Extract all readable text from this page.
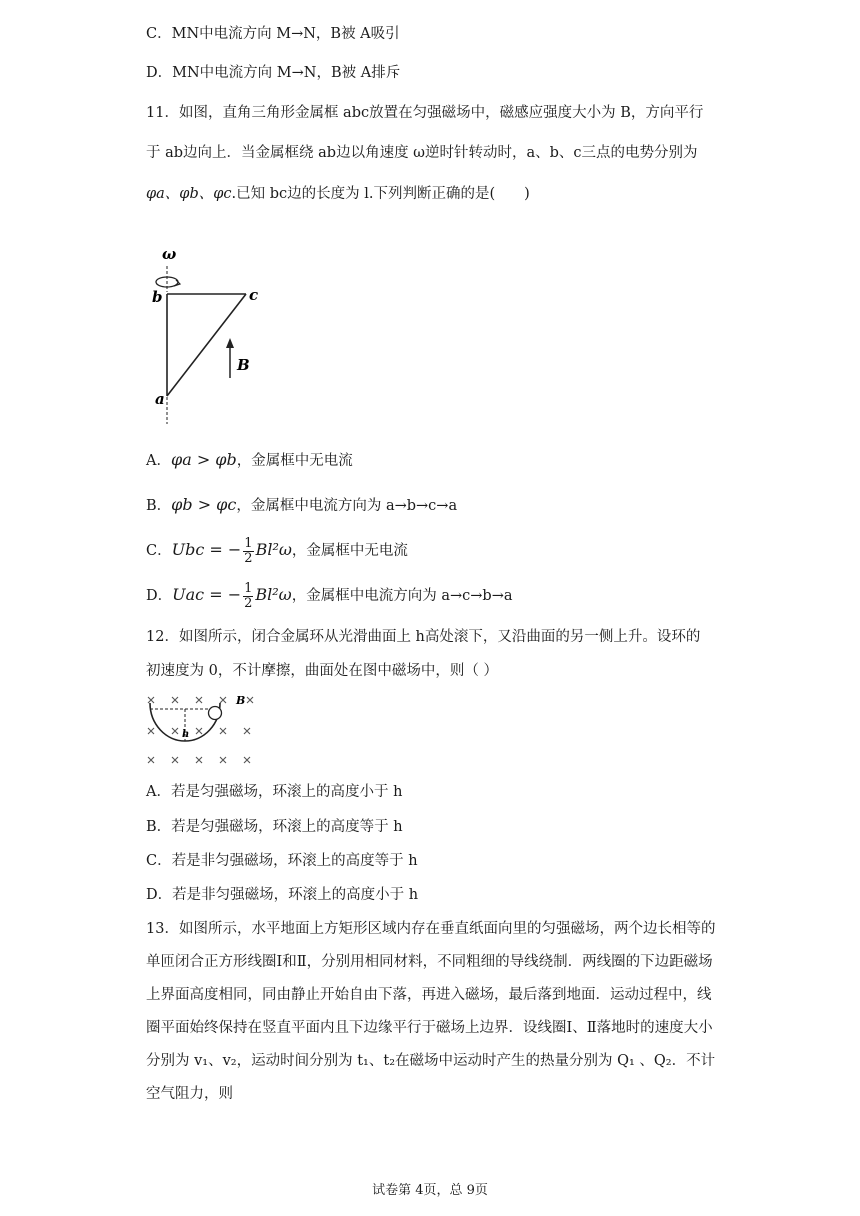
C．MN中电流方向 M→N，B被 A吸引
D．MN中电流方向 M→N，B被 A排斥
11．如图，直角三角形金属框 abc放置在匀强磁场中，磁感应强度大小为 B，方向平行
于 ab边向上．当金属框绕 ab边以角速度 ω逆时针转动时，a、b、c三点的电势分别为
φa、φb、φc.已知 bc边的长度为 l.下列判断正确的是(　　)
ω
b	c
a
B
A．φa > φb，金属框中无电流
B．φb > φc，金属框中电流方向为 a→b→c→a
C．Ubc = − $\frac{1}{2} Bl^2\omega$，金属框中无电流
D．Uac = − $\frac{1}{2} Bl^2\omega$，金属框中电流方向为 a→c→b→a
12．如图所示，闭合金属环从光滑曲面上 h高处滚下，又沿曲面的另一侧上升。设环的
初速度为 0，不计摩擦，曲面处在图中磁场中，则（ ）
h
B
A．若是匀强磁场，环滚上的高度小于 h
B．若是匀强磁场，环滚上的高度等于 h
C．若是非匀强磁场，环滚上的高度等于 h
D．若是非匀强磁场，环滚上的高度小于 h
13．如图所示，水平地面上方矩形区域内存在垂直纸面向里的匀强磁场，两个边长相等的单匝闭合正方形线圈Ⅰ和Ⅱ，分别用相同材料，不同粗细的导线绕制．两线圈的下边距磁场上界面高度相同，同由静止开始自由下落，再进入磁场，最后落到地面．运动过程中，线圈平面始终保持在竖直平面内且下边缘平行于磁场上边界．设线圈Ⅰ、Ⅱ落地时的速度大小分别为 v₁、v₂，运动时间分别为 t₁、t₂在磁场中运动时产生的热量分别为 Q₁ 、Q₂．不计空气阻力，则
试卷第 4页，总 9页
